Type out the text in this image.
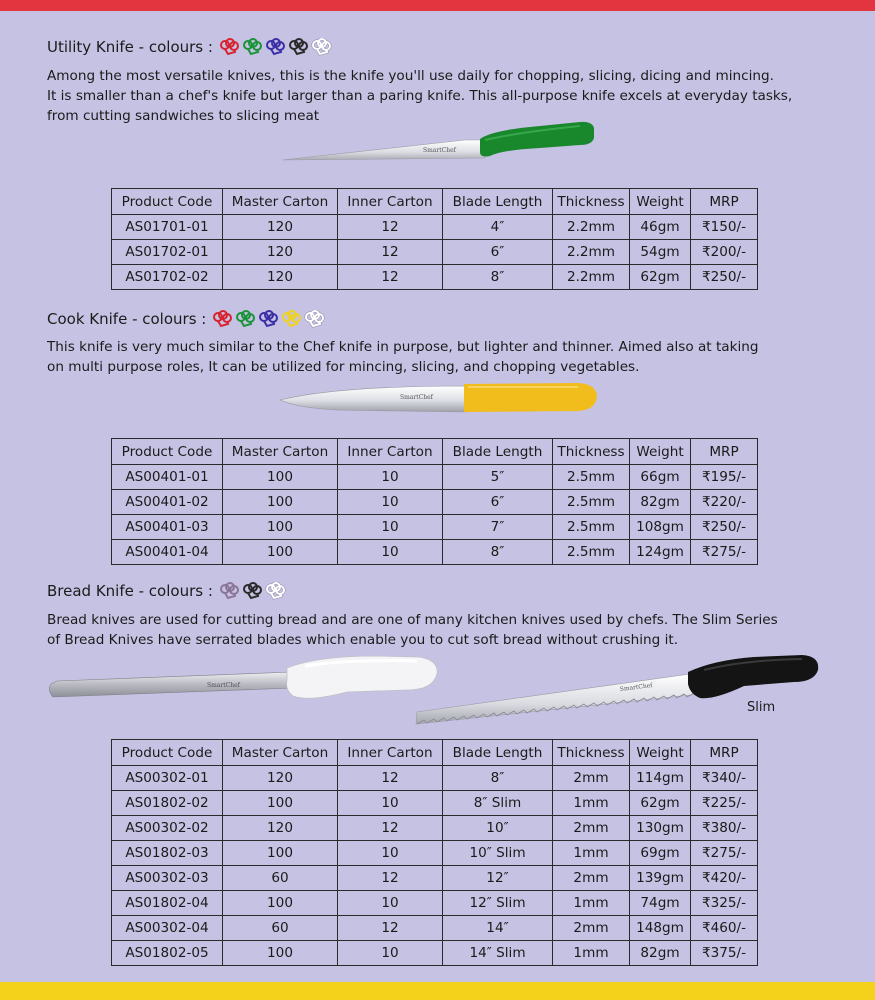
Utility Knife - colours :
Among the most versatile knives, this is the knife you'll use daily for chopping, slicing, dicing and mincing.
It is smaller than a chef's knife but larger than a paring knife. This all-purpose knife excels at everyday tasks,
from cutting sandwiches to slicing meat
SmartChef
Product Code	Master Carton	Inner Carton	Blade Length	Thickness	Weight	MRP
AS01701-01	120	12	4″	2.2mm	46gm	₹150/-
AS01702-01	120	12	6″	2.2mm	54gm	₹200/-
AS01702-02	120	12	8″	2.2mm	62gm	₹250/-
Cook Knife - colours :
This knife is very much similar to the Chef knife in purpose, but lighter and thinner. Aimed also at taking
on multi purpose roles, It can be utilized for mincing, slicing, and chopping vegetables.
SmartChef
Product Code	Master Carton	Inner Carton	Blade Length	Thickness	Weight	MRP
AS00401-01	100	10	5″	2.5mm	66gm	₹195/-
AS00401-02	100	10	6″	2.5mm	82gm	₹220/-
AS00401-03	100	10	7″	2.5mm	108gm	₹250/-
AS00401-04	100	10	8″	2.5mm	124gm	₹275/-
Bread Knife - colours :
Bread knives are used for cutting bread and are one of many kitchen knives used by chefs. The Slim Series
of Bread Knives have serrated blades which enable you to cut soft bread without crushing it.
SmartChef	SmartChef
Slim
Product Code	Master Carton	Inner Carton	Blade Length	Thickness	Weight	MRP
AS00302-01	120	12	8″	2mm	114gm	₹340/-
AS01802-02	100	10	8″ Slim	1mm	62gm	₹225/-
AS00302-02	120	12	10″	2mm	130gm	₹380/-
AS01802-03	100	10	10″ Slim	1mm	69gm	₹275/-
AS00302-03	60	12	12″	2mm	139gm	₹420/-
AS01802-04	100	10	12″ Slim	1mm	74gm	₹325/-
AS00302-04	60	12	14″	2mm	148gm	₹460/-
AS01802-05	100	10	14″ Slim	1mm	82gm	₹375/-
